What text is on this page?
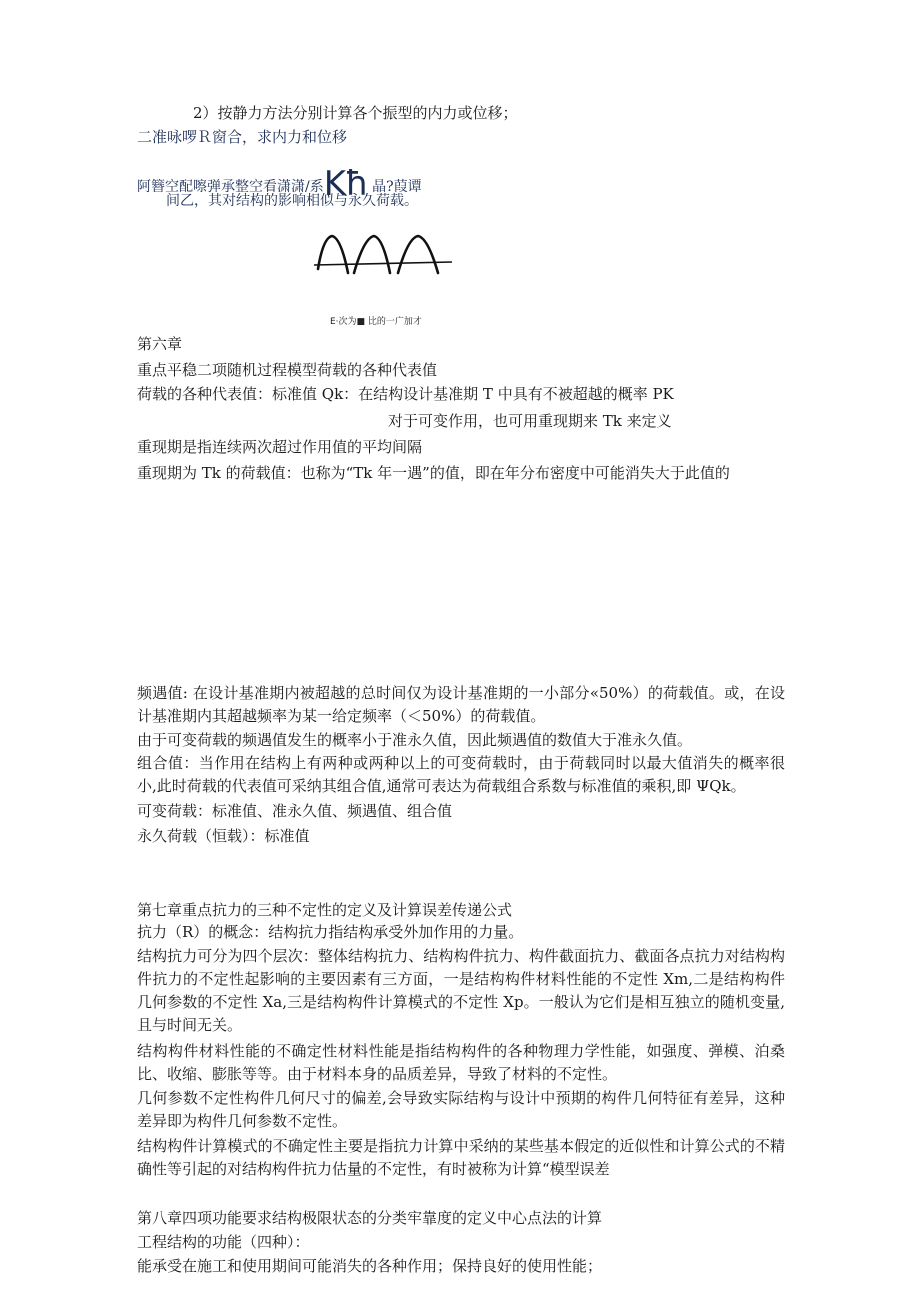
2）按静力方法分别计算各个振型的内力或位移；
二准咏啰Ｒ窗合，求内力和位移
阿簪空配嚓弹承整空看潇潇/系Kħ 晶?葭谭
间乙，其对结构的影响相似与永久荷载。
E·次为■ 比的一广加才
第六章
重点平稳二项随机过程模型荷载的各种代表值
荷载的各种代表值：标准值 Qk：在结构设计基准期 T 中具有不被超越的概率 PK
对于可变作用，也可用重现期来 Tk 来定义
重现期是指连续两次超过作用值的平均间隔
重现期为 Tk 的荷载值：也称为“Tk 年一遇”的值，即在年分布密度中可能消失大于此值的
频遇值: 在设计基准期内被超越的总时间仅为设计基准期的一小部分«50%）的荷载值。或，在设计基准期内其超越频率为某一给定频率（＜50%）的荷载值。
由于可变荷载的频遇值发生的概率小于准永久值，因此频遇值的数值大于准永久值。
组合值：当作用在结构上有两种或两种以上的可变荷载时，由于荷载同时以最大值消失的概率很小,此时荷载的代表值可采纳其组合值,通常可表达为荷载组合系数与标准值的乘积,即 ΨQk。
可变荷载：标准值、准永久值、频遇值、组合值
永久荷载（恒载）：标准值
第七章重点抗力的三种不定性的定义及计算误差传递公式
抗力（R）的概念：结构抗力指结构承受外加作用的力量。
结构抗力可分为四个层次：整体结构抗力、结构构件抗力、构件截面抗力、截面各点抗力对结构构件抗力的不定性起影响的主要因素有三方面，一是结构构件材料性能的不定性 Xm,二是结构构件几何参数的不定性 Xa,三是结构构件计算模式的不定性 Xp。一般认为它们是相互独立的随机变量,且与时间无关。
结构构件材料性能的不确定性材料性能是指结构构件的各种物理力学性能，如强度、弹模、泊桑比、收缩、膨胀等等。由于材料本身的品质差异，导致了材料的不定性。
几何参数不定性构件几何尺寸的偏差,会导致实际结构与设计中预期的构件几何特征有差异，这种差异即为构件几何参数不定性。
结构构件计算模式的不确定性主要是指抗力计算中采纳的某些基本假定的近似性和计算公式的不精确性等引起的对结构构件抗力估量的不定性，有时被称为计算“模型误差
第八章四项功能要求结构极限状态的分类牢靠度的定义中心点法的计算
工程结构的功能（四种）：
能承受在施工和使用期间可能消失的各种作用；保持良好的使用性能；
